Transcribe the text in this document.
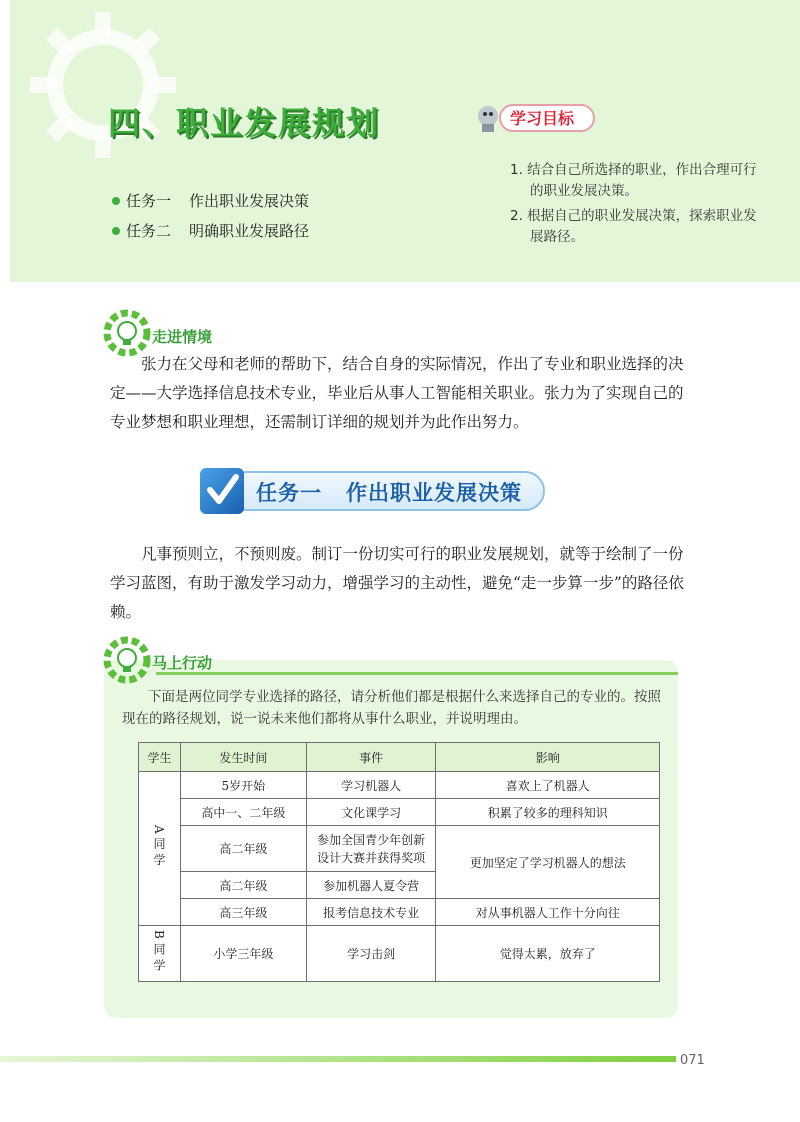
四、职业发展规划
任务一 作出职业发展决策
任务二 明确职业发展路径
学习目标

1. 结合自己所选择的职业，作出合理可行的职业发展决策。

2. 根据自己的职业发展决策，探索职业发展路径。

走进情境

张力在父母和老师的帮助下，结合自身的实际情况，作出了专业和职业选择的决定——大学选择信息技术专业，毕业后从事人工智能相关职业。张力为了实现自己的专业梦想和职业理想，还需制订详细的规划并为此作出努力。

任务一 作出职业发展决策

凡事预则立，不预则废。制订一份切实可行的职业发展规划，就等于绘制了一份学习蓝图，有助于激发学习动力，增强学习的主动性，避免“走一步算一步”的路径依赖。

马上行动

下面是两位同学专业选择的路径，请分析他们都是根据什么来选择自己的专业的。按照现在的路径规划，说一说未来他们都将从事什么职业，并说明理由。

学生	发生时间	事件	影响
A同学	5岁开始	学习机器人	喜欢上了机器人
	高中一、二年级	文化课学习	积累了较多的理科知识
	高二年级	参加全国青少年创新设计大赛并获得奖项	更加坚定了学习机器人的想法
	高二年级	参加机器人夏令营	
	高三年级	报考信息技术专业	对从事机器人工作十分向往
B同学	小学三年级	学习击剑	觉得太累，放弃了
071
